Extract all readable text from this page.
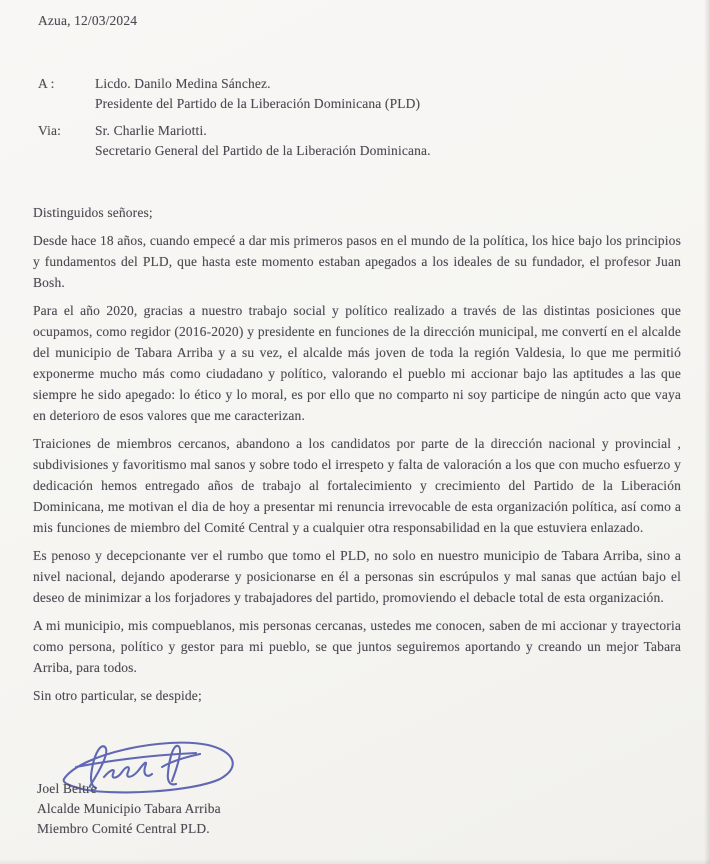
Azua, 12/03/2024
A :	Licdo. Danilo Medina Sánchez.
Presidente del Partido de la Liberación Dominicana (PLD)
Via:	Sr. Charlie Mariotti.
Secretario General del Partido de la Liberación Dominicana.

Distinguidos señores;

Desde hace 18 años, cuando empecé a dar mis primeros pasos en el mundo de la política, los hice bajo los principios y fundamentos del PLD, que hasta este momento estaban apegados a los ideales de su fundador, el profesor Juan Bosh.

Para el año 2020, gracias a nuestro trabajo social y político realizado a través de las distintas posiciones que ocupamos, como regidor (2016-2020) y presidente en funciones de la dirección municipal, me convertí en el alcalde del municipio de Tabara Arriba y a su vez, el alcalde más joven de toda la región Valdesia, lo que me permitió exponerme mucho más como ciudadano y político, valorando el pueblo mi accionar bajo las aptitudes a las que siempre he sido apegado: lo ético y lo moral, es por ello que no comparto ni soy participe de ningún acto que vaya en deterioro de esos valores que me caracterizan.

Traiciones de miembros cercanos, abandono a los candidatos por parte de la dirección nacional y provincial , subdivisiones y favoritismo mal sanos y sobre todo el irrespeto y falta de valoración a los que con mucho esfuerzo y dedicación hemos entregado años de trabajo al fortalecimiento y crecimiento del Partido de la Liberación Dominicana, me motivan el dia de hoy a presentar mi renuncia irrevocable de esta organización política, así como a mis funciones de miembro del Comité Central y a cualquier otra responsabilidad en la que estuviera enlazado.

Es penoso y decepcionante ver el rumbo que tomo el PLD, no solo en nuestro municipio de Tabara Arriba, sino a nivel nacional, dejando apoderarse y posicionarse en él a personas sin escrúpulos y mal sanas que actúan bajo el deseo de minimizar a los forjadores y trabajadores del partido, promoviendo el debacle total de esta organización.

A mi municipio, mis compueblanos, mis personas cercanas, ustedes me conocen, saben de mi accionar y trayectoria como persona, político y gestor para mi pueblo, se que juntos seguiremos aportando y creando un mejor Tabara Arriba, para todos.

Sin otro particular, se despide;

Joel Beltre
Alcalde Municipio Tabara Arriba
Miembro Comité Central PLD.
